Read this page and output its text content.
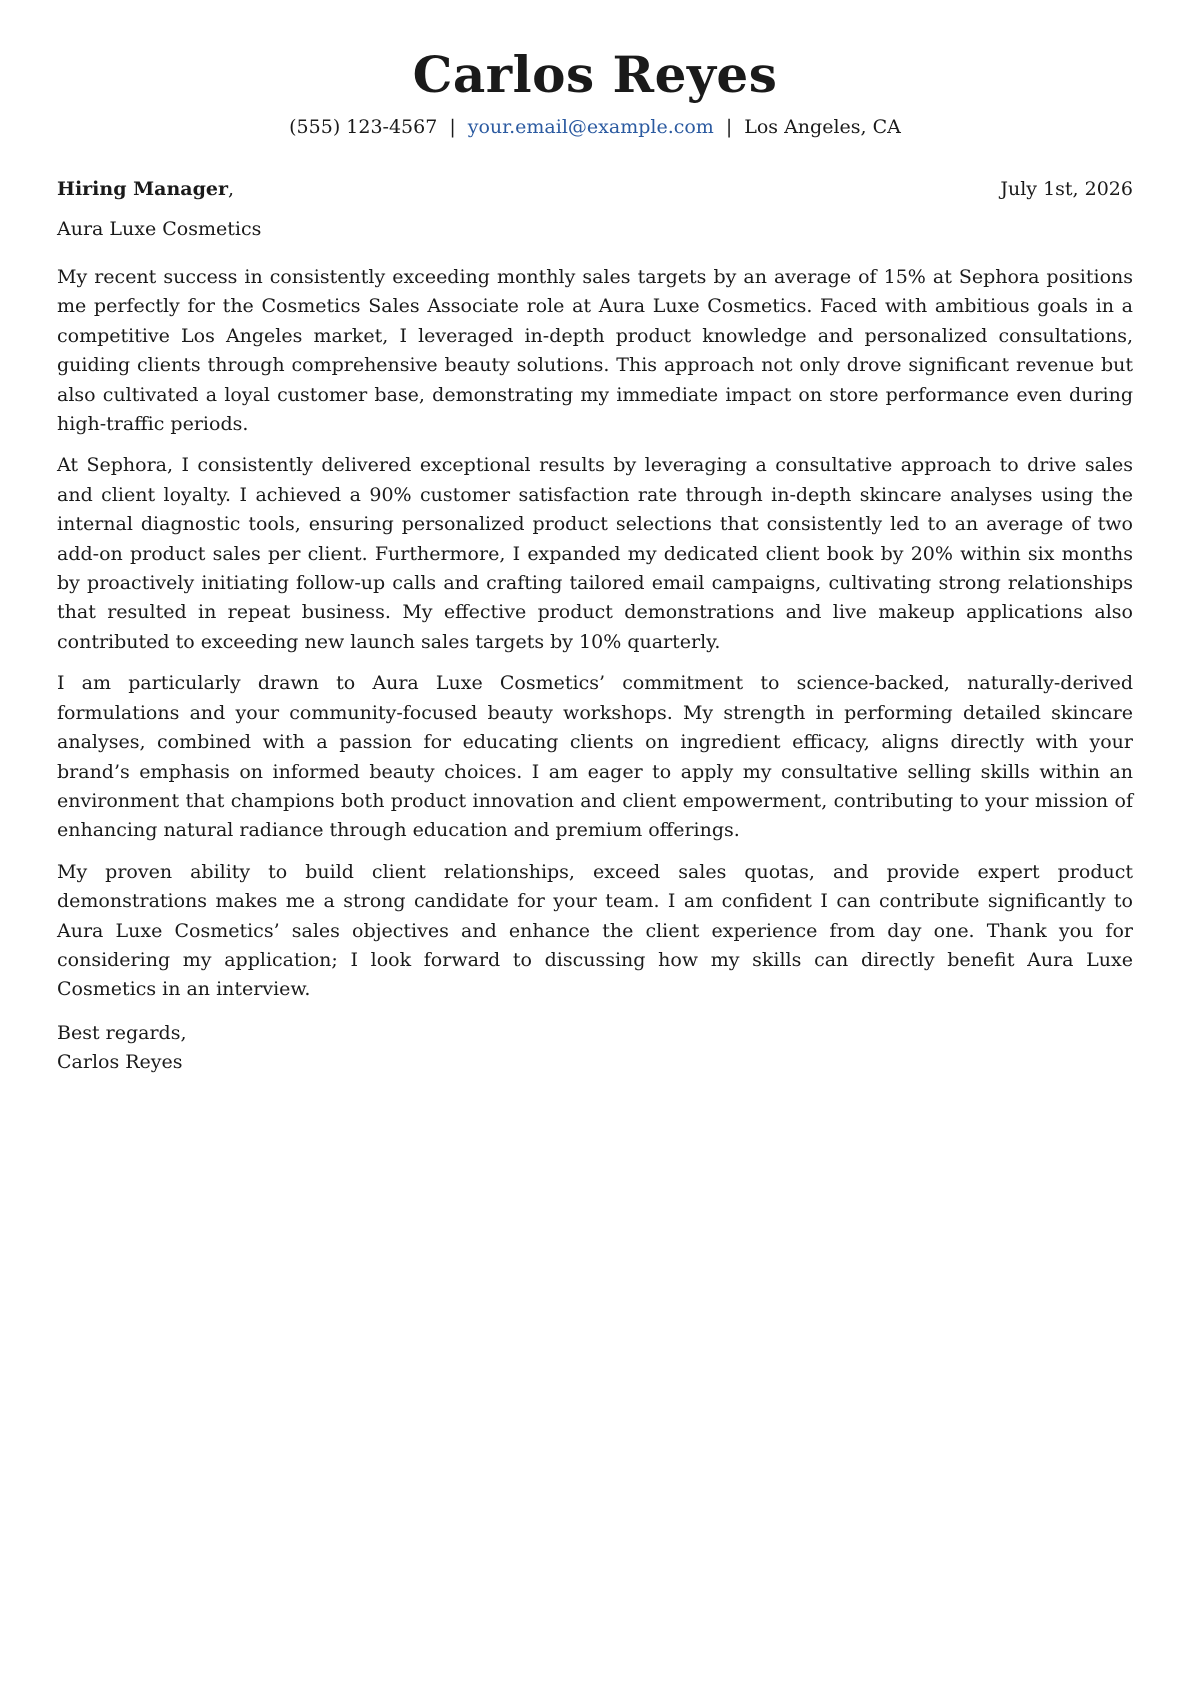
Carlos Reyes
(555) 123-4567 | your.email@example.com | Los Angeles, CA
Hiring Manager,	July 1st, 2026
Aura Luxe Cosmetics

My recent success in consistently exceeding monthly sales targets by an average of 15% at Sephora positions me perfectly for the Cosmetics Sales Associate role at Aura Luxe Cosmetics. Faced with ambitious goals in a competitive Los Angeles market, I leveraged in-depth product knowledge and personalized consultations, guiding clients through comprehensive beauty solutions. This approach not only drove significant revenue but also cultivated a loyal customer base, demonstrating my immediate impact on store performance even during high-traffic periods.

At Sephora, I consistently delivered exceptional results by leveraging a consultative approach to drive sales and client loyalty. I achieved a 90% customer satisfaction rate through in-depth skincare analyses using the internal diagnostic tools, ensuring personalized product selections that consistently led to an average of two add-on product sales per client. Furthermore, I expanded my dedicated client book by 20% within six months by proactively initiating follow-up calls and crafting tailored email campaigns, cultivating strong relationships that resulted in repeat business. My effective product demonstrations and live makeup applications also contributed to exceeding new launch sales targets by 10% quarterly.

I am particularly drawn to Aura Luxe Cosmetics’ commitment to science-backed, naturally-derived formulations and your community-focused beauty workshops. My strength in performing detailed skincare analyses, combined with a passion for educating clients on ingredient efficacy, aligns directly with your brand’s emphasis on informed beauty choices. I am eager to apply my consultative selling skills within an environment that champions both product innovation and client empowerment, contributing to your mission of enhancing natural radiance through education and premium offerings.

My proven ability to build client relationships, exceed sales quotas, and provide expert product demonstrations makes me a strong candidate for your team. I am confident I can contribute significantly to Aura Luxe Cosmetics’ sales objectives and enhance the client experience from day one. Thank you for considering my application; I look forward to discussing how my skills can directly benefit Aura Luxe Cosmetics in an interview.

Best regards,
Carlos Reyes
